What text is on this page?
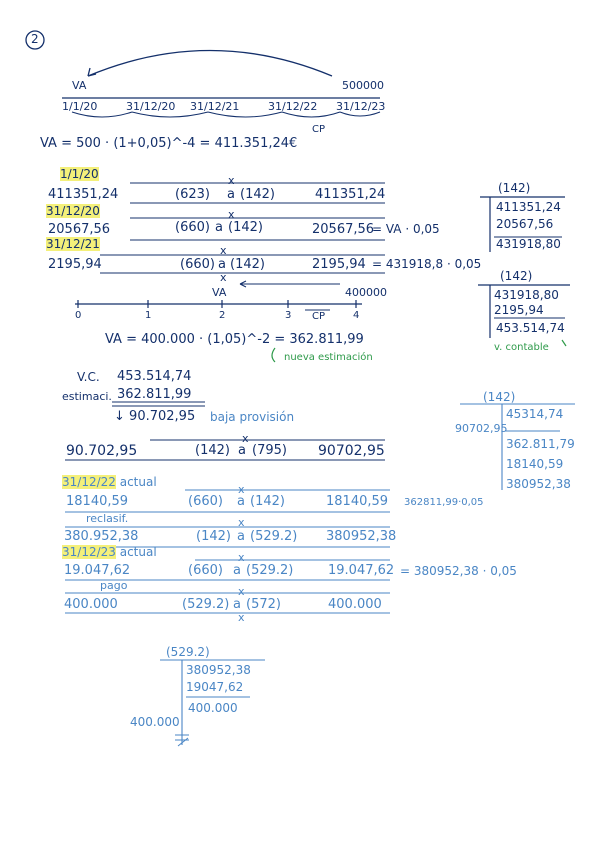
2
VA	500000
1/1/20	31/12/20 31/12/21	31/12/22 31/12/23
CP
VA = 500 · (1+0,05)^-4 = 411.351,24€
1/1/20	x
411351,24	(623) a (142)	411351,24
31/12/20	x
20567,56	(660) a (142)	20567,56
= VA · 0,05
31/12/21	x
2195,94	(660) a (142)	2195,94 = 431918,8 · 0,05
x
(142)
411351,24
20567,56
431918,80
VA	400000
0	1	2	3	4
CP
(142)
431918,80
2195,94
453.514,74
v. contable
VA = 400.000 · (1,05)^-2 = 362.811,99
nueva estimación
V.C. 453.514,74
estimaci. 362.811,99
↓ 90.702,95 baja provisión
x
90.702,95	(142) a (795) 90702,95
(142)
90702,95
45314,74
362.811,79
18140,59
380952,38
31/12/22 actual
x
18140,59	(660) a (142)	18140,59 362811,99·0,05
reclasif.	x
380.952,38	(142) a (529.2) 380952,38
31/12/23 actual	x
19.047,62	(660) a (529.2)	19.047,62 = 380952,38 · 0,05
pago	x
400.000	(529.2) a (572)	400.000
x
(529.2)
380952,38
19047,62
400.000
400.000
